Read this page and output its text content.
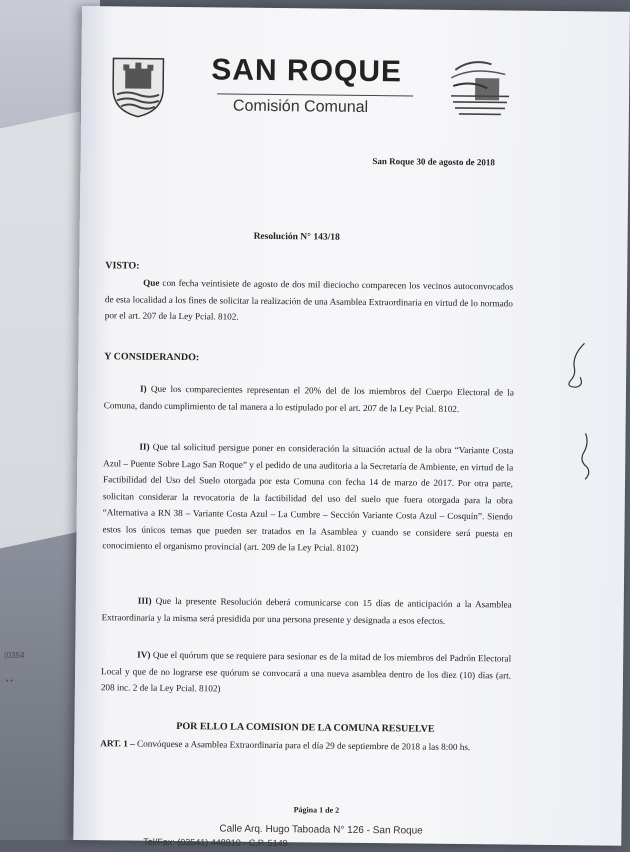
(0354
• •
SAN ROQUE
Comisión Comunal
San Roque 30 de agosto de 2018
Resolución N° 143/18
VISTO:

Que con fecha veintisiete de agosto de dos mil dieciocho comparecen los vecinos autoconvocados de esta localidad a los fines de solicitar la realización de una Asamblea Extraordinaria en virtud de lo normado por el art. 207 de la Ley Pcial. 8102.

Y CONSIDERANDO:

I) Que los comparecientes representan el 20% del de los miembros del Cuerpo Electoral de la Comuna, dando cumplimiento de tal manera a lo estipulado por el art. 207 de la Ley Pcial. 8102.

II) Que tal solicitud persigue poner en consideración la situación actual de la obra “Variante Costa Azul – Puente Sobre Lago San Roque” y el pedido de una auditoria a la Secretaría de Ambiente, en virtud de la Factibilidad del Uso del Suelo otorgada por esta Comuna con fecha 14 de marzo de 2017. Por otra parte, solicitan considerar la revocatoria de la factibilidad del uso del suelo que fuera otorgada para la obra “Alternativa a RN 38 – Variante Costa Azul – La Cumbre – Sección Variante Costa Azul – Cosquín”. Siendo estos los únicos temas que pueden ser tratados en la Asamblea y cuando se considere será puesta en conocimiento el organismo provincial (art. 209 de la Ley Pcial. 8102)

III) Que la presente Resolución deberá comunicarse con 15 días de anticipación a la Asamblea Extraordinaria y la misma será presidida por una persona presente y designada a esos efectos.

IV) Que el quórum que se requiere para sesionar es de la mitad de los miembros del Padrón Electoral Local y que de no lograrse ese quórum se convocará a una nueva asamblea dentro de los diez (10) días (art. 208 inc. 2 de la Ley Pcial. 8102)

POR ELLO LA COMISION DE LA COMUNA RESUELVE

ART. 1 – Convóquese a Asamblea Extraordinaria para el día 29 de septiembre de 2018 a las 8:00 hs.

Página 1 de 2
Calle Arq. Hugo Taboada N° 126 - San Roque
Tel/Fax: (03541) 448810 - C.P. 5149
